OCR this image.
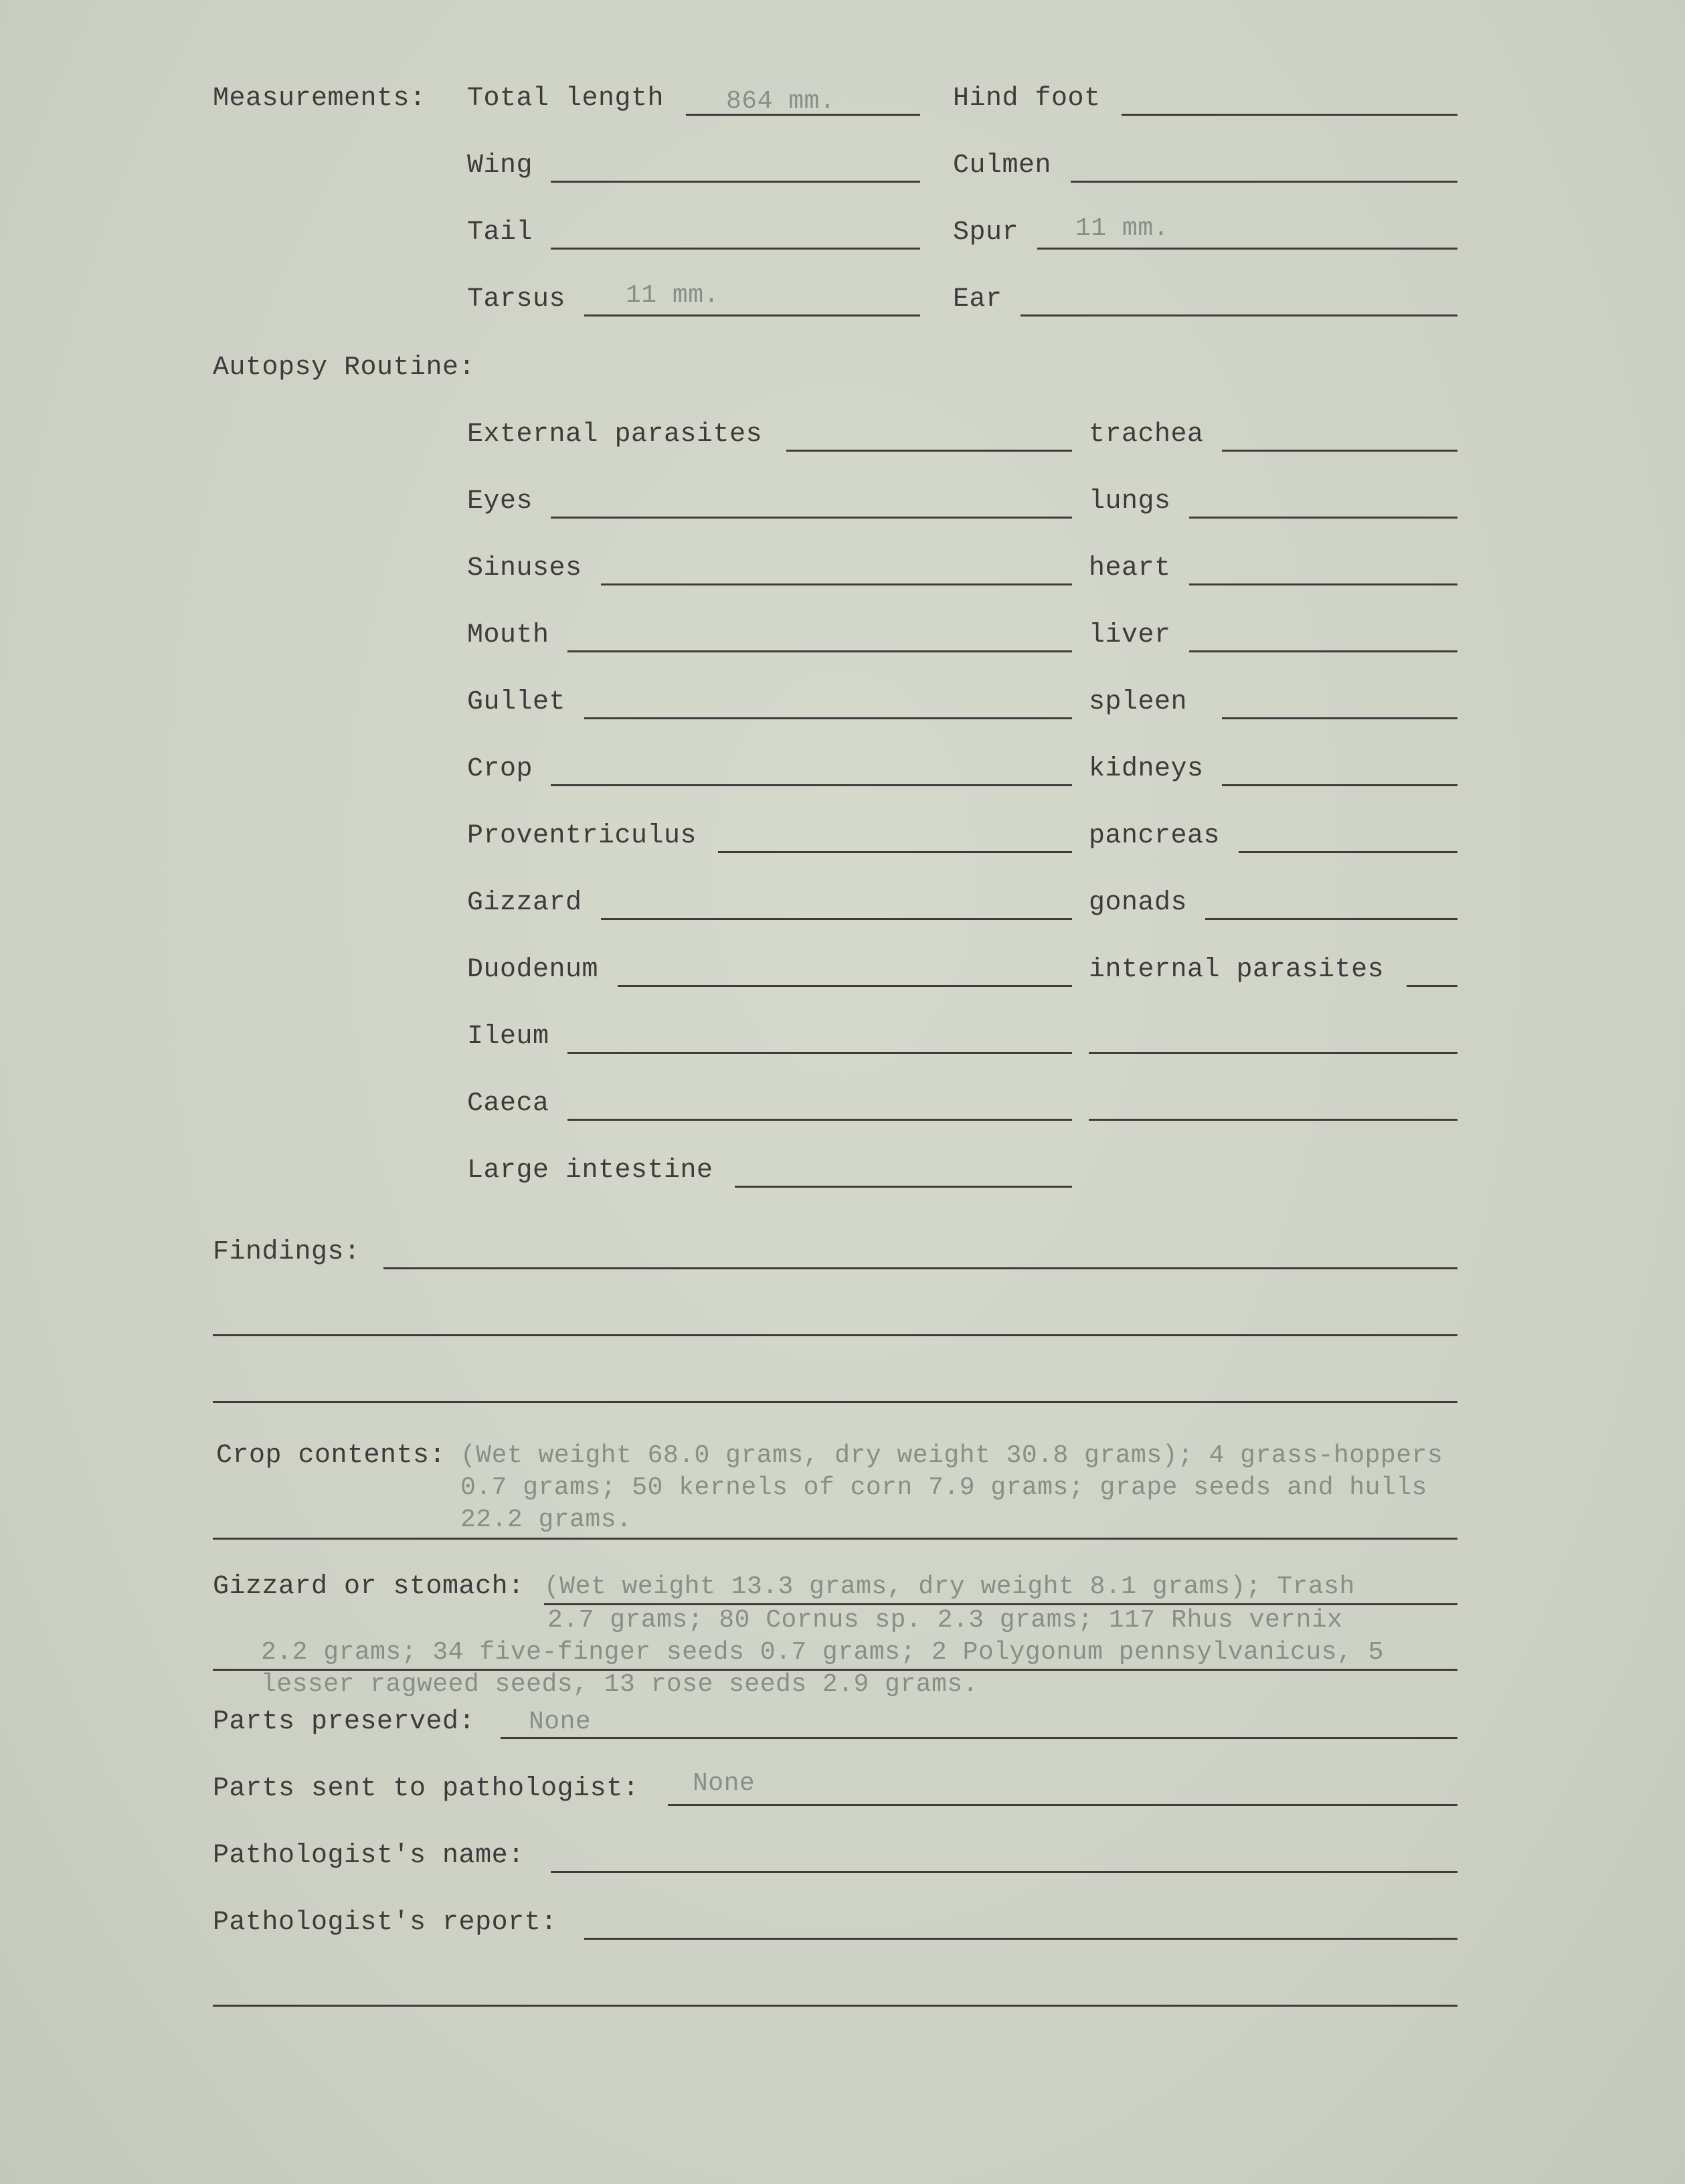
Measurements: Total length 864 mm.	Hind foot
Wing	Culmen
Tail	Spur 11 mm.
Tarsus 11 mm.	Ear
Autopsy Routine:
External parasites	trachea
Eyes	lungs
Sinuses	heart
Mouth	liver
Gullet	spleen
Crop	kidneys
Proventriculus	pancreas
Gizzard	gonads
Duodenum	internal parasites
Ileum
Caeca
Large intestine
Findings:
Crop contents: (Wet weight 68.0 grams, dry weight 30.8 grams); 4 grass-hoppers
0.7 grams; 50 kernels of corn 7.9 grams; grape seeds and hulls
22.2 grams.
Gizzard or stomach: (Wet weight 13.3 grams, dry weight 8.1 grams); Trash
2.7 grams; 80 Cornus sp. 2.3 grams; 117 Rhus vernix
2.2 grams; 34 five-finger seeds 0.7 grams; 2 Polygonum pennsylvanicus, 5
lesser ragweed seeds, 13 rose seeds 2.9 grams.
Parts preserved: None
Parts sent to pathologist: None
Pathologist's name:
Pathologist's report:
